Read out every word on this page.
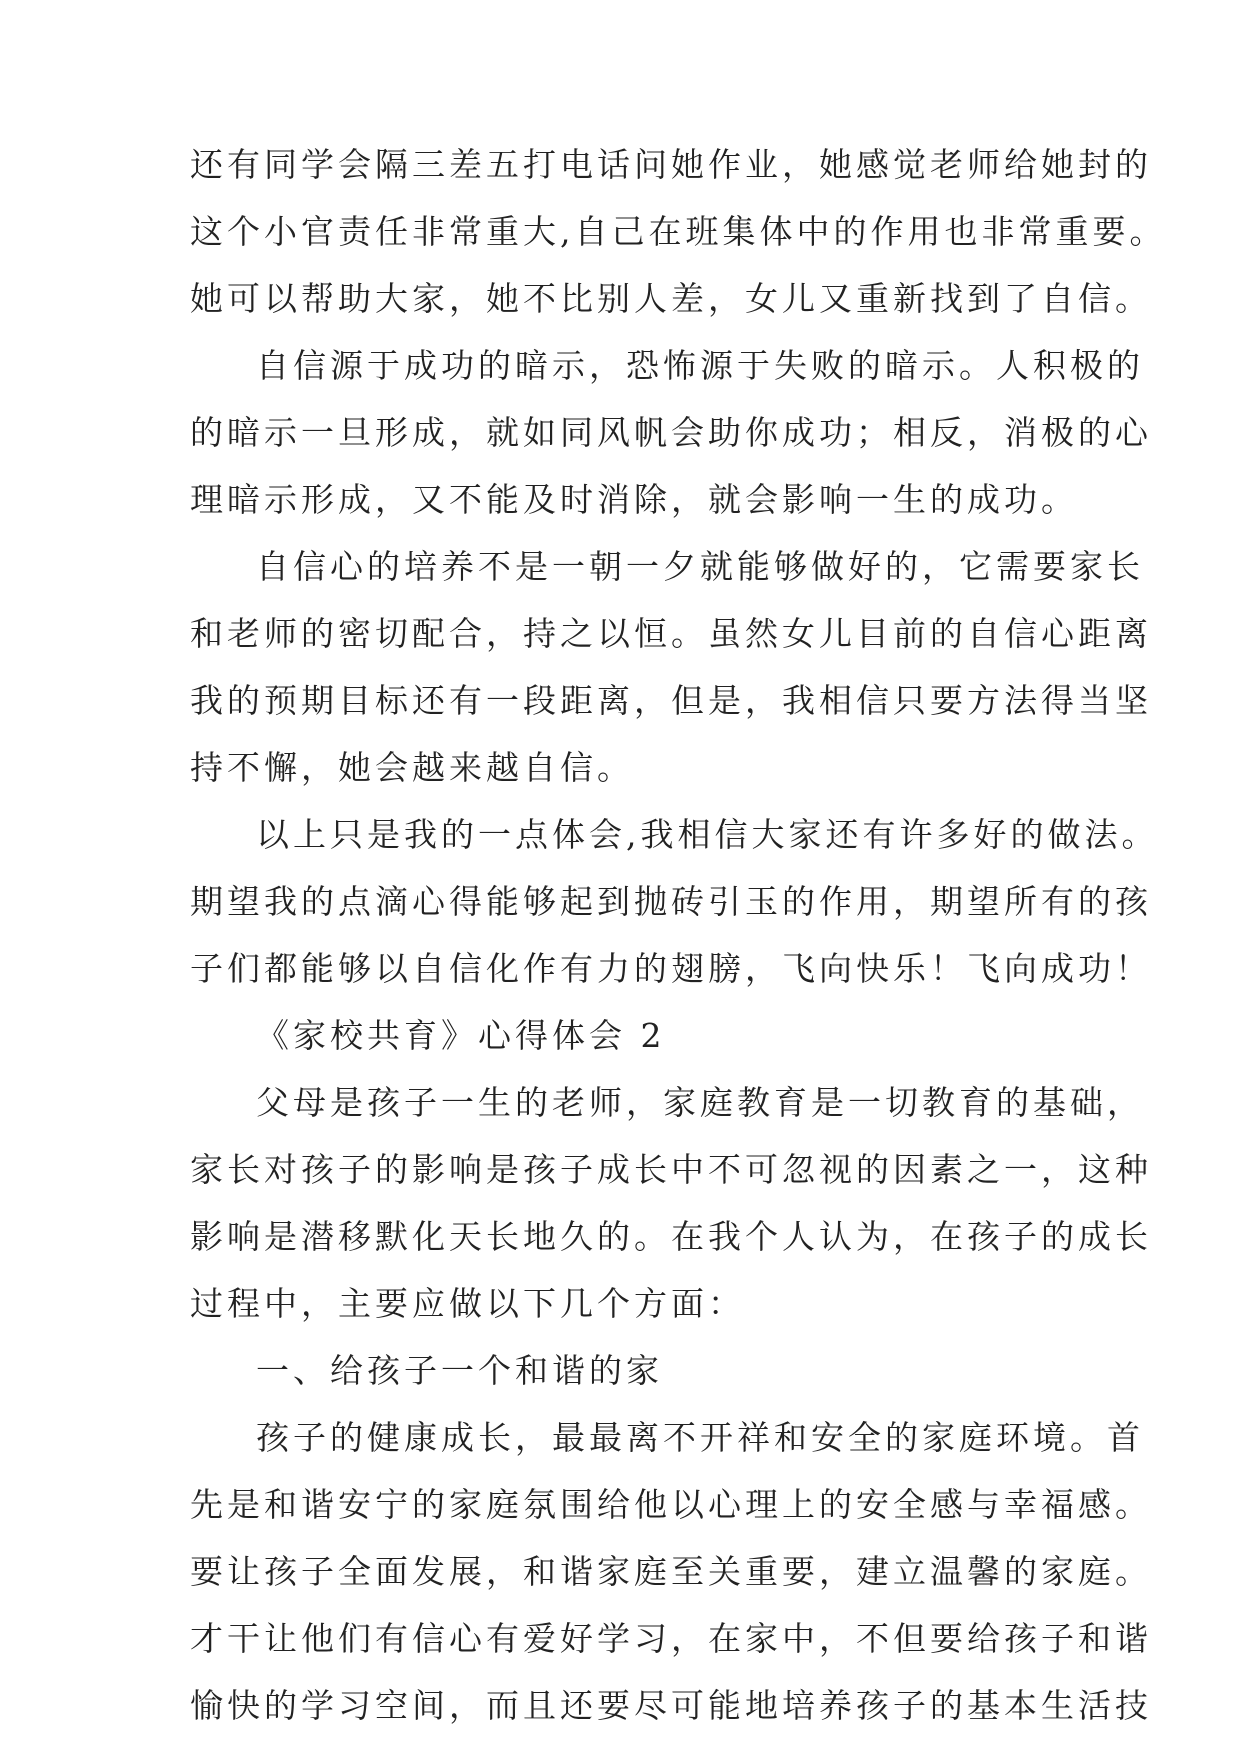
还有同学会隔三差五打电话问她作业，她感觉老师给她封的
这个小官责任非常重大,自己在班集体中的作用也非常重要。
她可以帮助大家，她不比别人差，女儿又重新找到了自信。
自信源于成功的暗示，恐怖源于失败的暗示。人积极的
的暗示一旦形成，就如同风帆会助你成功；相反，消极的心
理暗示形成，又不能及时消除，就会影响一生的成功。
自信心的培养不是一朝一夕就能够做好的，它需要家长
和老师的密切配合，持之以恒。虽然女儿目前的自信心距离
我的预期目标还有一段距离，但是，我相信只要方法得当坚
持不懈，她会越来越自信。
以上只是我的一点体会,我相信大家还有许多好的做法。
期望我的点滴心得能够起到抛砖引玉的作用，期望所有的孩
子们都能够以自信化作有力的翅膀，飞向快乐！飞向成功！
《家校共育》心得体会 2
父母是孩子一生的老师，家庭教育是一切教育的基础，
家长对孩子的影响是孩子成长中不可忽视的因素之一，这种
影响是潜移默化天长地久的。在我个人认为，在孩子的成长
过程中，主要应做以下几个方面：
一、给孩子一个和谐的家
孩子的健康成长，最最离不开祥和安全的家庭环境。首
先是和谐安宁的家庭氛围给他以心理上的安全感与幸福感。
要让孩子全面发展，和谐家庭至关重要，建立温馨的家庭。
才干让他们有信心有爱好学习，在家中，不但要给孩子和谐
愉快的学习空间，而且还要尽可能地培养孩子的基本生活技
